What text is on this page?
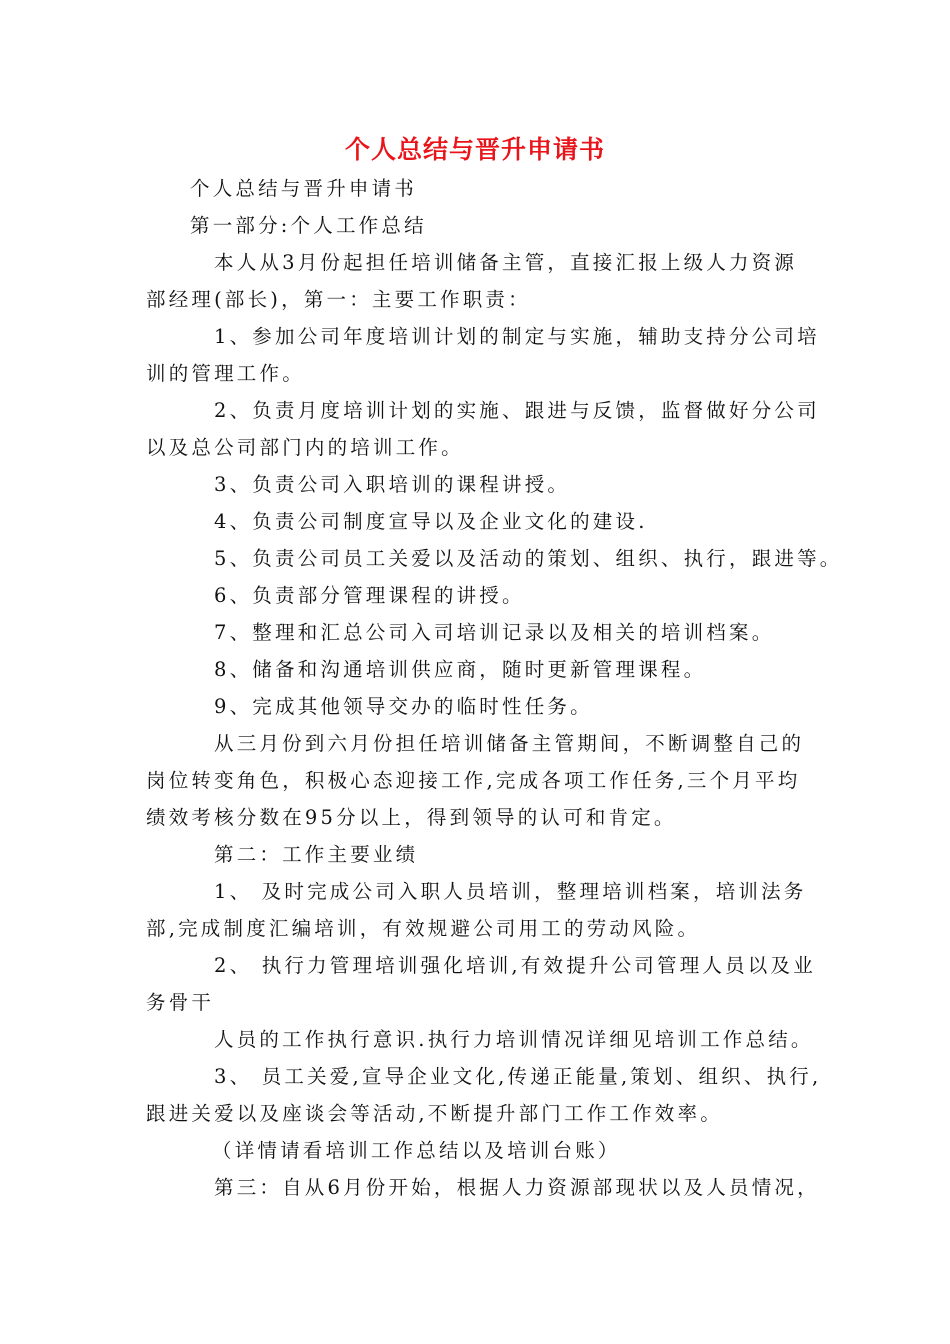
个人总结与晋升申请书

个人总结与晋升申请书

第一部分:个人工作总结

本人从3月份起担任培训储备主管，直接汇报上级人力资源

部经理(部长)，第一：主要工作职责：

1、参加公司年度培训计划的制定与实施，辅助支持分公司培

训的管理工作。

2、负责月度培训计划的实施、跟进与反馈，监督做好分公司

以及总公司部门内的培训工作。

3、负责公司入职培训的课程讲授。

4、负责公司制度宣导以及企业文化的建设.

5、负责公司员工关爱以及活动的策划、组织、执行，跟进等。

6、负责部分管理课程的讲授。

7、整理和汇总公司入司培训记录以及相关的培训档案。

8、储备和沟通培训供应商，随时更新管理课程。

9、完成其他领导交办的临时性任务。

从三月份到六月份担任培训储备主管期间，不断调整自己的

岗位转变角色，积极心态迎接工作,完成各项工作任务,三个月平均

绩效考核分数在95分以上，得到领导的认可和肯定。

第二：工作主要业绩

1、 及时完成公司入职人员培训，整理培训档案，培训法务

部,完成制度汇编培训，有效规避公司用工的劳动风险。

2、 执行力管理培训强化培训,有效提升公司管理人员以及业

务骨干

人员的工作执行意识.执行力培训情况详细见培训工作总结。

3、 员工关爱,宣导企业文化,传递正能量,策划、组织、执行,

跟进关爱以及座谈会等活动,不断提升部门工作工作效率。

（详情请看培训工作总结以及培训台账）

第三：自从6月份开始，根据人力资源部现状以及人员情况，
